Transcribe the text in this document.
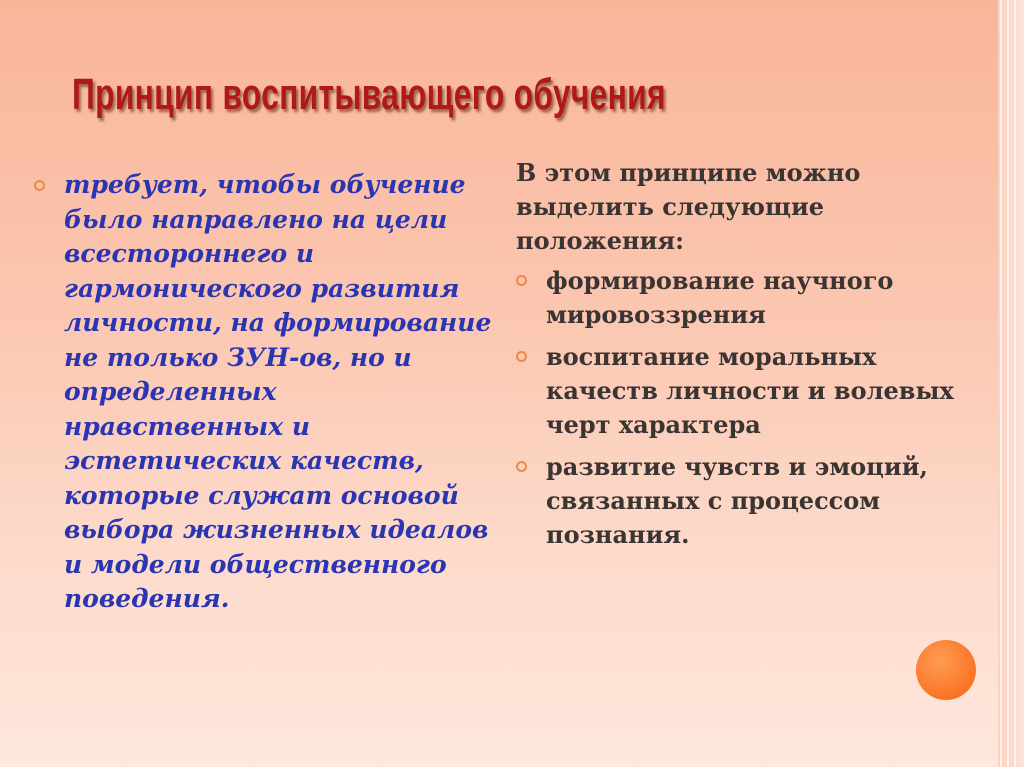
Принцип воспитывающего обучения

требует, чтобы обучение было направлено на цели всестороннего и гармонического развития личности, на формирование не только ЗУН-ов, но и определенных нравственных и эстетических качеств, которые служат основой выбора жизненных идеалов и модели общественного поведения.

В этом принципе можно выделить следующие положения:

формирование научного мировоззрения

воспитание моральных качеств личности и волевых черт характера

развитие чувств и эмоций, связанных с процессом познания.
